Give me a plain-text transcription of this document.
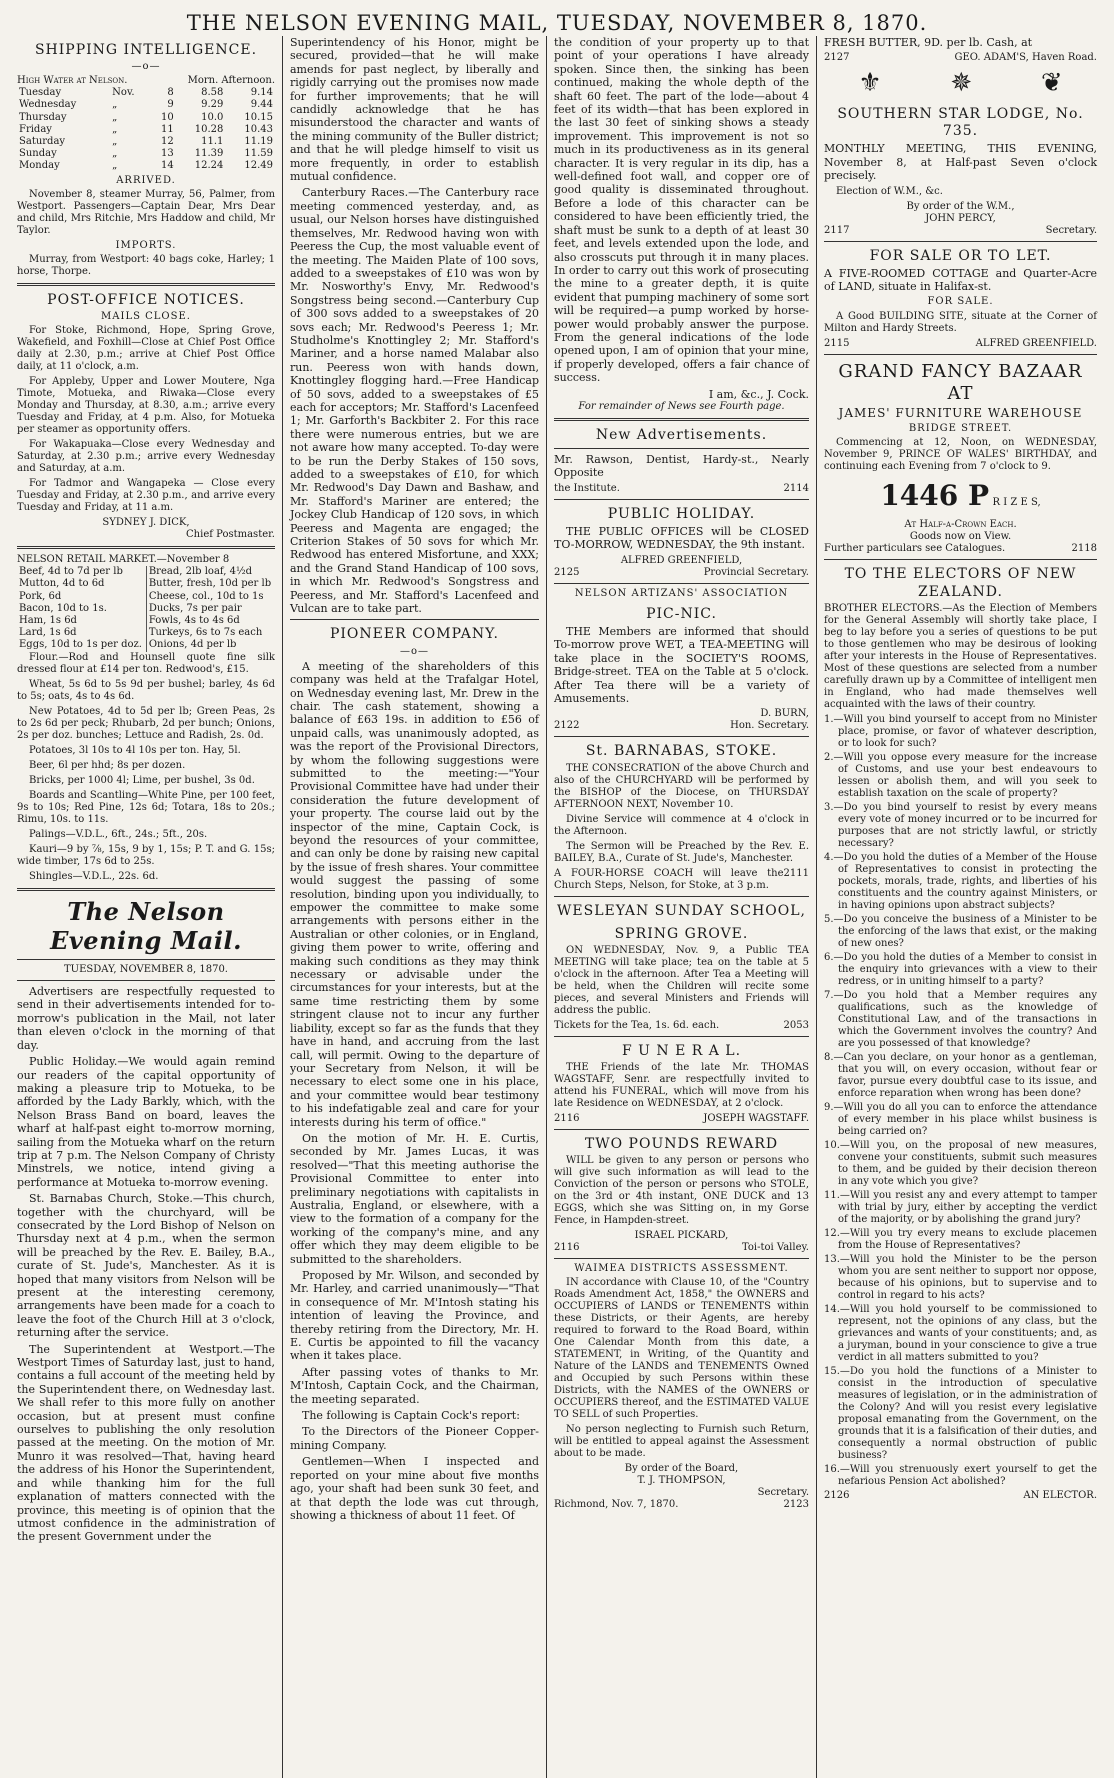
THE NELSON EVENING MAIL, TUESDAY, NOVEMBER 8, 1870.
SHIPPING INTELLIGENCE.
—o—
High Water at Nelson.	Morn. Afternoon.
Tuesday	Nov.	8	8.58	9.14
Wednesday	„	9	9.29	9.44
Thursday	„	10	10.0	10.15
Friday	„	11	10.28	10.43
Saturday	„	12	11.1	11.19
Sunday	„	13	11.39	11.59
Monday	„	14	12.24	12.49
ARRIVED.

November 8, steamer Murray, 56, Palmer, from Westport. Passengers—Captain Dear, Mrs Dear and child, Mrs Ritchie, Mrs Haddow and child, Mr Taylor.

IMPORTS.

Murray, from Westport: 40 bags coke, Harley; 1 horse, Thorpe.

POST-OFFICE NOTICES.
MAILS CLOSE.

For Stoke, Richmond, Hope, Spring Grove, Wakefield, and Foxhill—Close at Chief Post Office daily at 2.30, p.m.; arrive at Chief Post Office daily, at 11 o'clock, a.m.

For Appleby, Upper and Lower Moutere, Nga Timote, Motueka, and Riwaka—Close every Monday and Thursday, at 8.30, a.m.; arrive every Tuesday and Friday, at 4 p.m. Also, for Motueka per steamer as opportunity offers.

For Wakapuaka—Close every Wednesday and Saturday, at 2.30 p.m.; arrive every Wednesday and Saturday, at a.m.

For Tadmor and Wangapeka — Close every Tuesday and Friday, at 2.30 p.m., and arrive every Tuesday and Friday, at 11 a.m.

SYDNEY J. DICK,
Chief Postmaster.
NELSON RETAIL MARKET.—November 8
Beef, 4d to 7d per lb	Bread, 2lb loaf, 4½d
Mutton, 4d to 6d	Butter, fresh, 10d per lb
Pork, 6d	Cheese, col., 10d to 1s
Bacon, 10d to 1s.	Ducks, 7s per pair
Ham, 1s 6d	Fowls, 4s to 4s 6d
Lard, 1s 6d	Turkeys, 6s to 7s each
Eggs, 10d to 1s per doz.	Onions, 4d per lb

Flour.—Rod and Hounsell quote fine silk dressed flour at £14 per ton. Redwood's, £15.

Wheat, 5s 6d to 5s 9d per bushel; barley, 4s 6d to 5s; oats, 4s to 4s 6d.

New Potatoes, 4d to 5d per lb; Green Peas, 2s to 2s 6d per peck; Rhubarb, 2d per bunch; Onions, 2s per doz. bunches; Lettuce and Radish, 2s. 0d.

Potatoes, 3l 10s to 4l 10s per ton. Hay, 5l.

Beer, 6l per hhd; 8s per dozen.

Bricks, per 1000 4l; Lime, per bushel, 3s 0d.

Boards and Scantling—White Pine, per 100 feet, 9s to 10s; Red Pine, 12s 6d; Totara, 18s to 20s.; Rimu, 10s. to 11s.

Palings—V.D.L., 6ft., 24s.; 5ft., 20s.

Kauri—9 by ⅞, 15s, 9 by 1, 15s; P. T. and G. 15s; wide timber, 17s 6d to 25s.

Shingles—V.D.L., 22s. 6d.

The Nelson Evening Mail.
TUESDAY, NOVEMBER 8, 1870.

Advertisers are respectfully requested to send in their advertisements intended for to-morrow's publication in the Mail, not later than eleven o'clock in the morning of that day.

Public Holiday.—We would again remind our readers of the capital opportunity of making a pleasure trip to Motueka, to be afforded by the Lady Barkly, which, with the Nelson Brass Band on board, leaves the wharf at half-past eight to-morrow morning, sailing from the Motueka wharf on the return trip at 7 p.m. The Nelson Company of Christy Minstrels, we notice, intend giving a performance at Motueka to-morrow evening.

St. Barnabas Church, Stoke.—This church, together with the churchyard, will be consecrated by the Lord Bishop of Nelson on Thursday next at 4 p.m., when the sermon will be preached by the Rev. E. Bailey, B.A., curate of St. Jude's, Manchester. As it is hoped that many visitors from Nelson will be present at the interesting ceremony, arrangements have been made for a coach to leave the foot of the Church Hill at 3 o'clock, returning after the service.

The Superintendent at Westport.—The Westport Times of Saturday last, just to hand, contains a full account of the meeting held by the Superintendent there, on Wednesday last. We shall refer to this more fully on another occasion, but at present must confine ourselves to publishing the only resolution passed at the meeting. On the motion of Mr. Munro it was resolved—That, having heard the address of his Honor the Superintendent, and while thanking him for the full explanation of matters connected with the province, this meeting is of opinion that the utmost confidence in the administration of the present Government under the

Superintendency of his Honor, might be secured, provided—that he will make amends for past neglect, by liberally and rigidly carrying out the promises now made for further improvements; that he will candidly acknowledge that he has misunderstood the character and wants of the mining community of the Buller district; and that he will pledge himself to visit us more frequently, in order to establish mutual confidence.

Canterbury Races.—The Canterbury race meeting commenced yesterday, and, as usual, our Nelson horses have distinguished themselves, Mr. Redwood having won with Peeress the Cup, the most valuable event of the meeting. The Maiden Plate of 100 sovs, added to a sweepstakes of £10 was won by Mr. Nosworthy's Envy, Mr. Redwood's Songstress being second.—Canterbury Cup of 300 sovs added to a sweepstakes of 20 sovs each; Mr. Redwood's Peeress 1; Mr. Studholme's Knottingley 2; Mr. Stafford's Mariner, and a horse named Malabar also run. Peeress won with hands down, Knottingley flogging hard.—Free Handicap of 50 sovs, added to a sweepstakes of £5 each for acceptors; Mr. Stafford's Lacenfeed 1; Mr. Garforth's Backbiter 2. For this race there were numerous entries, but we are not aware how many accepted. To-day were to be run the Derby Stakes of 150 sovs, added to a sweepstakes of £10, for which Mr. Redwood's Day Dawn and Bashaw, and Mr. Stafford's Mariner are entered; the Jockey Club Handicap of 120 sovs, in which Peeress and Magenta are engaged; the Criterion Stakes of 50 sovs for which Mr. Redwood has entered Misfortune, and XXX; and the Grand Stand Handicap of 100 sovs, in which Mr. Redwood's Songstress and Peeress, and Mr. Stafford's Lacenfeed and Vulcan are to take part.

PIONEER COMPANY.
—o—

A meeting of the shareholders of this company was held at the Trafalgar Hotel, on Wednesday evening last, Mr. Drew in the chair. The cash statement, showing a balance of £63 19s. in addition to £56 of unpaid calls, was unanimously adopted, as was the report of the Provisional Directors, by whom the following suggestions were submitted to the meeting:—"Your Provisional Committee have had under their consideration the future development of your property. The course laid out by the inspector of the mine, Captain Cock, is beyond the resources of your committee, and can only be done by raising new capital by the issue of fresh shares. Your committee would suggest the passing of some resolution, binding upon you individually, to empower the committee to make some arrangements with persons either in the Australian or other colonies, or in England, giving them power to write, offering and making such conditions as they may think necessary or advisable under the circumstances for your interests, but at the same time restricting them by some stringent clause not to incur any further liability, except so far as the funds that they have in hand, and accruing from the last call, will permit. Owing to the departure of your Secretary from Nelson, it will be necessary to elect some one in his place, and your committee would bear testimony to his indefatigable zeal and care for your interests during his term of office."

On the motion of Mr. H. E. Curtis, seconded by Mr. James Lucas, it was resolved—"That this meeting authorise the Provisional Committee to enter into preliminary negotiations with capitalists in Australia, England, or elsewhere, with a view to the formation of a company for the working of the company's mine, and any offer which they may deem eligible to be submitted to the shareholders.

Proposed by Mr. Wilson, and seconded by Mr. Harley, and carried unanimously—"That in consequence of Mr. M'Intosh stating his intention of leaving the Province, and thereby retiring from the Directory, Mr. H. E. Curtis be appointed to fill the vacancy when it takes place.

After passing votes of thanks to Mr. M'Intosh, Captain Cock, and the Chairman, the meeting separated.

The following is Captain Cock's report:

To the Directors of the Pioneer Copper-mining Company.

Gentlemen—When I inspected and reported on your mine about five months ago, your shaft had been sunk 30 feet, and at that depth the lode was cut through, showing a thickness of about 11 feet. Of

the condition of your property up to that point of your operations I have already spoken. Since then, the sinking has been continued, making the whole depth of the shaft 60 feet. The part of the lode—about 4 feet of its width—that has been explored in the last 30 feet of sinking shows a steady improvement. This improvement is not so much in its productiveness as in its general character. It is very regular in its dip, has a well-defined foot wall, and copper ore of good quality is disseminated throughout. Before a lode of this character can be considered to have been efficiently tried, the shaft must be sunk to a depth of at least 30 feet, and levels extended upon the lode, and also crosscuts put through it in many places. In order to carry out this work of prosecuting the mine to a greater depth, it is quite evident that pumping machinery of some sort will be required—a pump worked by horse-power would probably answer the purpose. From the general indications of the lode opened upon, I am of opinion that your mine, if properly developed, offers a fair chance of success.

I am, &c., J. Cock.
For remainder of News see Fourth page.
New Advertisements.

Mr. Rawson, Dentist, Hardy-st., Nearly Opposite

the Institute.	2114
PUBLIC HOLIDAY.

THE PUBLIC OFFICES will be CLOSED TO-MORROW, WEDNESDAY, the 9th instant.

ALFRED GREENFIELD,
2125	Provincial Secretary.
NELSON ARTIZANS' ASSOCIATION
PIC-NIC.

THE Members are informed that should To-morrow prove WET, a TEA-MEETING will take place in the SOCIETY'S ROOMS, Bridge-street. TEA on the Table at 5 o'clock. After Tea there will be a variety of Amusements.

D. BURN,
2122	Hon. Secretary.
St. BARNABAS, STOKE.

THE CONSECRATION of the above Church and also of the CHURCHYARD will be performed by the BISHOP of the Diocese, on THURSDAY AFTERNOON NEXT, November 10.

Divine Service will commence at 4 o'clock in the Afternoon.

The Sermon will be Preached by the Rev. E. BAILEY, B.A., Curate of St. Jude's, Manchester.

A FOUR-HORSE COACH will leave the Church Steps, Nelson, for Stoke, at 3 p.m.
2111
WESLEYAN SUNDAY SCHOOL,
SPRING GROVE.

ON WEDNESDAY, Nov. 9, a Public TEA MEETING will take place; tea on the table at 5 o'clock in the afternoon. After Tea a Meeting will be held, when the Children will recite some pieces, and several Ministers and Friends will address the public.

Tickets for the Tea, 1s. 6d. each.	2053
F U N E R A L.

THE Friends of the late Mr. THOMAS WAGSTAFF, Senr. are respectfully invited to attend his FUNERAL, which will move from his late Residence on WEDNESDAY, at 2 o'clock.

2116	JOSEPH WAGSTAFF.
TWO POUNDS REWARD

WILL be given to any person or persons who will give such information as will lead to the Conviction of the person or persons who STOLE, on the 3rd or 4th instant, ONE DUCK and 13 EGGS, which she was Sitting on, in my Gorse Fence, in Hampden-street.

ISRAEL PICKARD,
2116	Toi-toi Valley.
WAIMEA DISTRICTS ASSESSMENT.

IN accordance with Clause 10, of the "Country Roads Amendment Act, 1858," the OWNERS and OCCUPIERS of LANDS or TENEMENTS within these Districts, or their Agents, are hereby required to forward to the Road Board, within One Calendar Month from this date, a STATEMENT, in Writing, of the Quantity and Nature of the LANDS and TENEMENTS Owned and Occupied by such Persons within these Districts, with the NAMES of the OWNERS or OCCUPIERS thereof, and the ESTIMATED VALUE TO SELL of such Properties.

No person neglecting to Furnish such Return, will be entitled to appeal against the Assessment about to be made.

By order of the Board,
T. J. THOMPSON,
Secretary.
Richmond, Nov. 7, 1870.	2123

FRESH BUTTER, 9D. per lb. Cash, at

2127	GEO. ADAM'S, Haven Road.
⚜	✵	❦
SOUTHERN STAR LODGE, No. 735.

MONTHLY MEETING, THIS EVENING, November 8, at Half-past Seven o'clock precisely.

Election of W.M., &c.

By order of the W.M.,
JOHN PERCY,
2117	Secretary.
FOR SALE OR TO LET.

A FIVE-ROOMED COTTAGE and Quarter-Acre of LAND, situate in Halifax-st.

FOR SALE.

A Good BUILDING SITE, situate at the Corner of Milton and Hardy Streets.

2115	ALFRED GREENFIELD.
GRAND FANCY BAZAAR AT
JAMES' FURNITURE WAREHOUSE
BRIDGE STREET.

Commencing at 12, Noon, on WEDNESDAY, November 9, PRINCE OF WALES' BIRTHDAY, and continuing each Evening from 7 o'clock to 9.

1446 P R I Z E S,
At Half-a-Crown Each.
Goods now on View.
Further particulars see Catalogues.	2118
TO THE ELECTORS OF NEW ZEALAND.

BROTHER ELECTORS.—As the Election of Members for the General Assembly will shortly take place, I beg to lay before you a series of questions to be put to those gentlemen who may be desirous of looking after your interests in the House of Representatives. Most of these questions are selected from a number carefully drawn up by a Committee of intelligent men in England, who had made themselves well acquainted with the laws of their country.

1.—Will you bind yourself to accept from no Minister place, promise, or favor of whatever description, or to look for such?

2.—Will you oppose every measure for the increase of Customs, and use your best endeavours to lessen or abolish them, and will you seek to establish taxation on the scale of property?

3.—Do you bind yourself to resist by every means every vote of money incurred or to be incurred for purposes that are not strictly lawful, or strictly necessary?

4.—Do you hold the duties of a Member of the House of Representatives to consist in protecting the pockets, morals, trade, rights, and liberties of his constituents and the country against Ministers, or in having opinions upon abstract subjects?

5.—Do you conceive the business of a Minister to be the enforcing of the laws that exist, or the making of new ones?

6.—Do you hold the duties of a Member to consist in the enquiry into grievances with a view to their redress, or in uniting himself to a party?

7.—Do you hold that a Member requires any qualifications, such as the knowledge of Constitutional Law, and of the transactions in which the Government involves the country? And are you possessed of that knowledge?

8.—Can you declare, on your honor as a gentleman, that you will, on every occasion, without fear or favor, pursue every doubtful case to its issue, and enforce reparation when wrong has been done?

9.—Will you do all you can to enforce the attendance of every member in his place whilst business is being carried on?

10.—Will you, on the proposal of new measures, convene your constituents, submit such measures to them, and be guided by their decision thereon in any vote which you give?

11.—Will you resist any and every attempt to tamper with trial by jury, either by accepting the verdict of the majority, or by abolishing the grand jury?

12.—Will you try every means to exclude placemen from the House of Representatives?

13.—Will you hold the Minister to be the person whom you are sent neither to support nor oppose, because of his opinions, but to supervise and to control in regard to his acts?

14.—Will you hold yourself to be commissioned to represent, not the opinions of any class, but the grievances and wants of your constituents; and, as a juryman, bound in your conscience to give a true verdict in all matters submitted to you?

15.—Do you hold the functions of a Minister to consist in the introduction of speculative measures of legislation, or in the administration of the Colony? And will you resist every legislative proposal emanating from the Government, on the grounds that it is a falsification of their duties, and consequently a normal obstruction of public business?

16.—Will you strenuously exert yourself to get the nefarious Pension Act abolished?

2126	AN ELECTOR.
